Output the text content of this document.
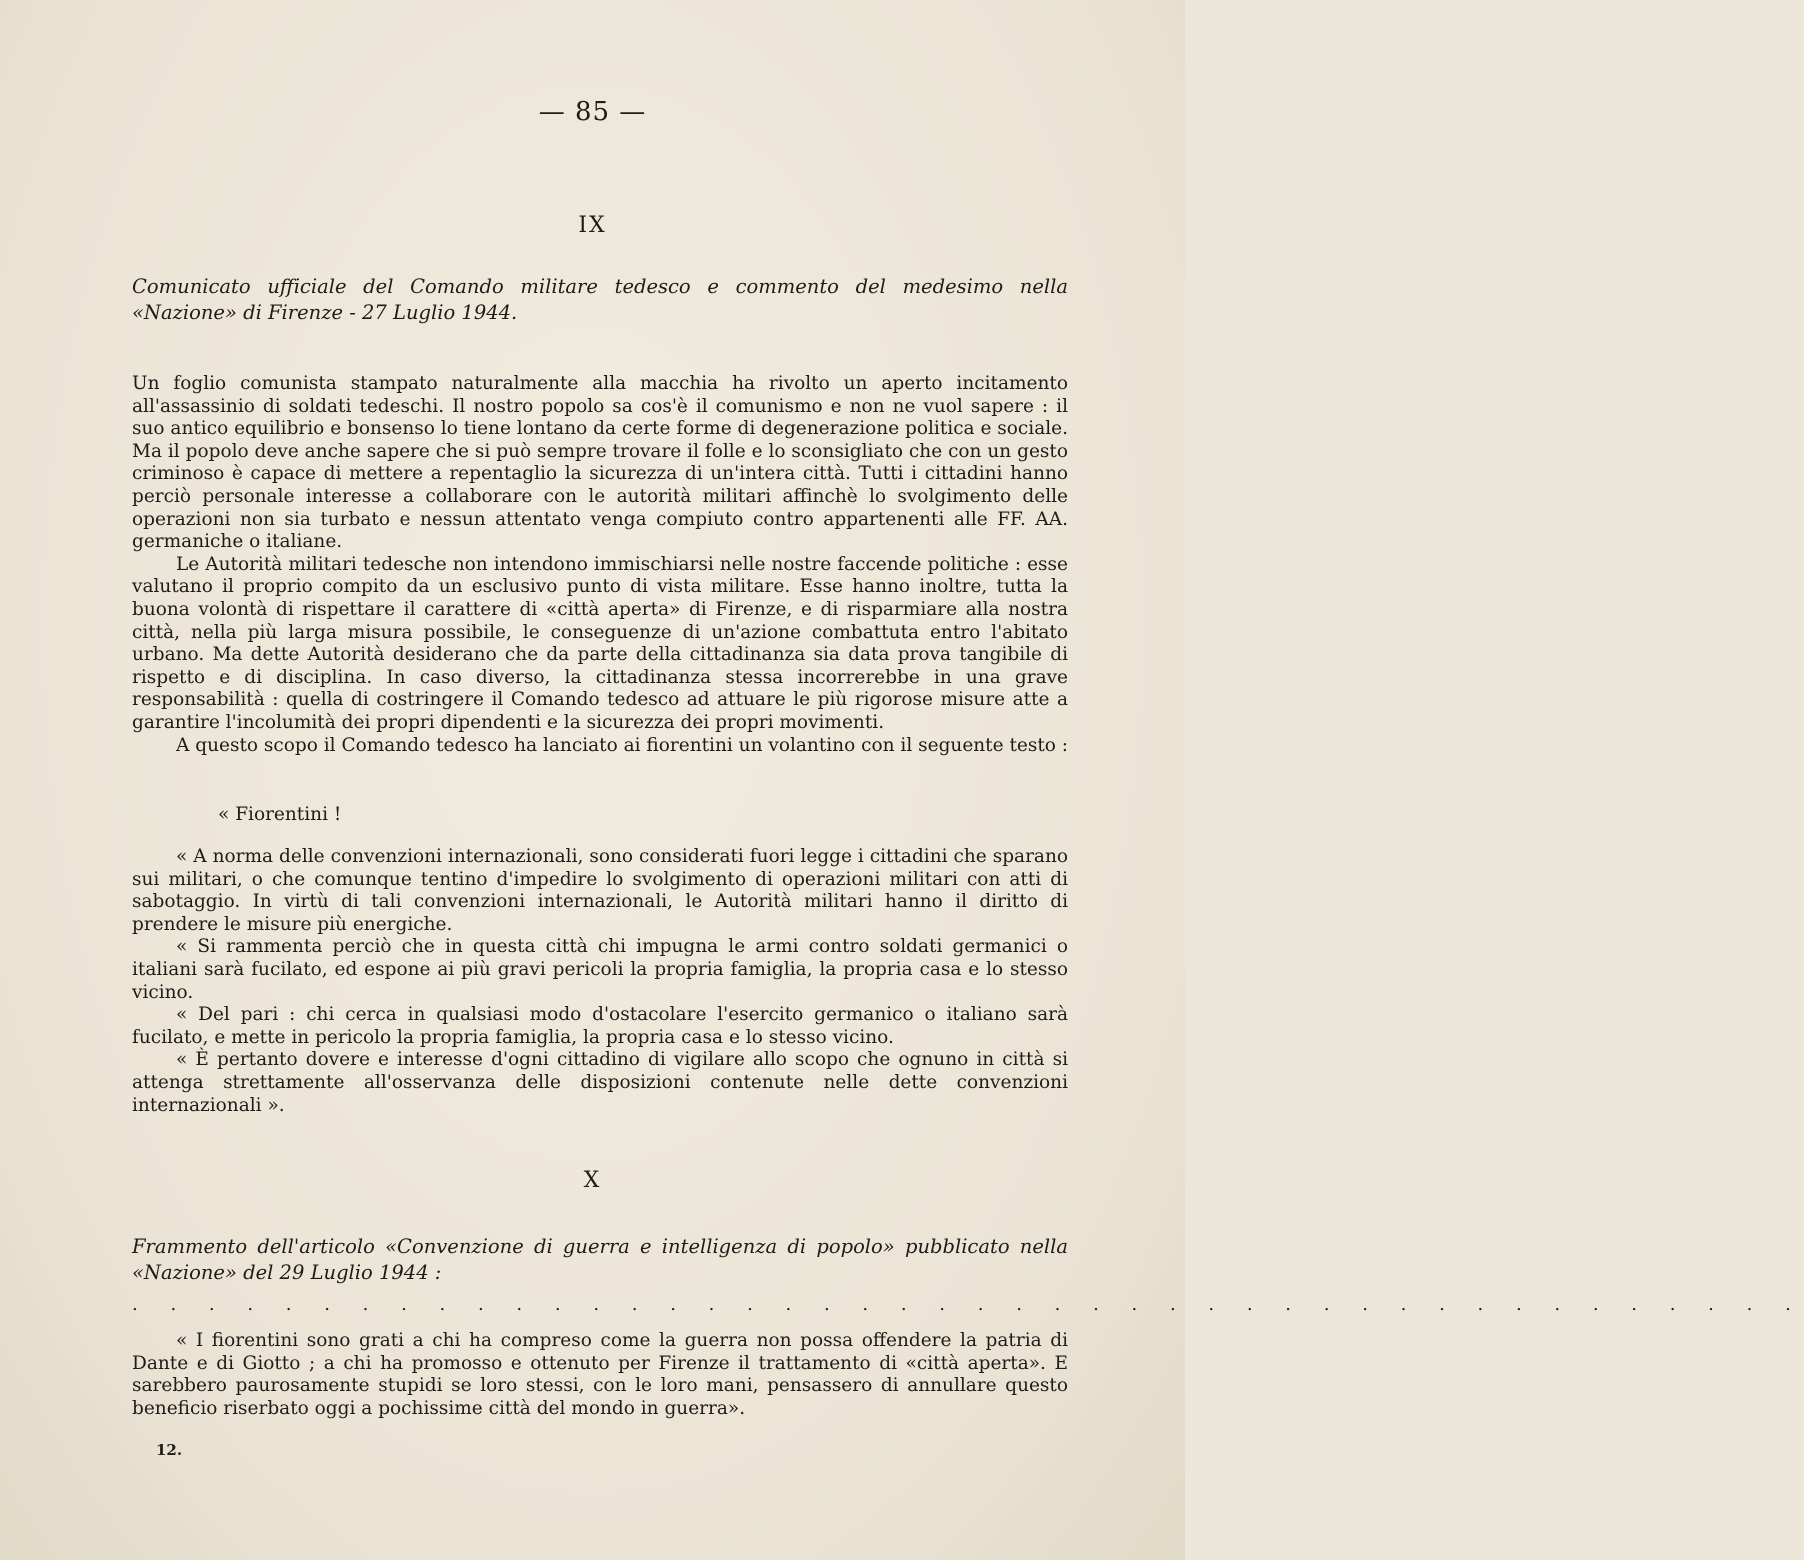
— 85 —
IX
Comunicato ufficiale del Comando militare tedesco e commento del medesimo nella «Nazione» di Firenze - 27 Luglio 1944.

Un foglio comunista stampato naturalmente alla macchia ha rivolto un aperto incitamento all'assassinio di soldati tedeschi. Il nostro popolo sa cos'è il comunismo e non ne vuol sapere : il suo antico equilibrio e bonsenso lo tiene lontano da certe forme di degenerazione politica e sociale. Ma il popolo deve anche sapere che si può sempre trovare il folle e lo sconsigliato che con un gesto criminoso è capace di mettere a repentaglio la sicurezza di un'intera città. Tutti i cittadini hanno perciò personale interesse a collaborare con le autorità militari affinchè lo svolgimento delle operazioni non sia turbato e nessun attentato venga compiuto contro appartenenti alle FF. AA. germaniche o italiane.

Le Autorità militari tedesche non intendono immischiarsi nelle nostre faccende politiche : esse valutano il proprio compito da un esclusivo punto di vista militare. Esse hanno inoltre, tutta la buona volontà di rispettare il carattere di «città aperta» di Firenze, e di risparmiare alla nostra città, nella più larga misura possibile, le conseguenze di un'azione combattuta entro l'abitato urbano. Ma dette Autorità desiderano che da parte della cittadinanza sia data prova tangibile di rispetto e di disciplina. In caso diverso, la cittadinanza stessa incorrerebbe in una grave responsabilità : quella di costringere il Comando tedesco ad attuare le più rigorose misure atte a garantire l'incolumità dei propri dipendenti e la sicurezza dei propri movimenti.

A questo scopo il Comando tedesco ha lanciato ai fiorentini un volantino con il seguente testo :

« Fiorentini !

« A norma delle convenzioni internazionali, sono considerati fuori legge i cittadini che sparano sui militari, o che comunque tentino d'impedire lo svolgimento di operazioni militari con atti di sabotaggio. In virtù di tali convenzioni internazionali, le Autorità militari hanno il diritto di prendere le misure più energiche.

« Si rammenta perciò che in questa città chi impugna le armi contro soldati germanici o italiani sarà fucilato, ed espone ai più gravi pericoli la propria famiglia, la propria casa e lo stesso vicino.

« Del pari : chi cerca in qualsiasi modo d'ostacolare l'esercito germanico o italiano sarà fucilato, e mette in pericolo la propria famiglia, la propria casa e lo stesso vicino.

« È pertanto dovere e interesse d'ogni cittadino di vigilare allo scopo che ognuno in città si attenga strettamente all'osservanza delle disposizioni contenute nelle dette convenzioni internazionali ».

X
Frammento dell'articolo «Convenzione di guerra e intelligenza di popolo» pubblicato nella «Nazione» del 29 Luglio 1944 :
. . . . . . . . . . . . . . . . . . . . . . . . . . . . . . . . . . . . . . . . . . . .

« I fiorentini sono grati a chi ha compreso come la guerra non possa offendere la patria di Dante e di Giotto ; a chi ha promosso e ottenuto per Firenze il trattamento di «città aperta». E sarebbero paurosamente stupidi se loro stessi, con le loro mani, pensassero di annullare questo beneficio riserbato oggi a pochissime città del mondo in guerra».

12.
